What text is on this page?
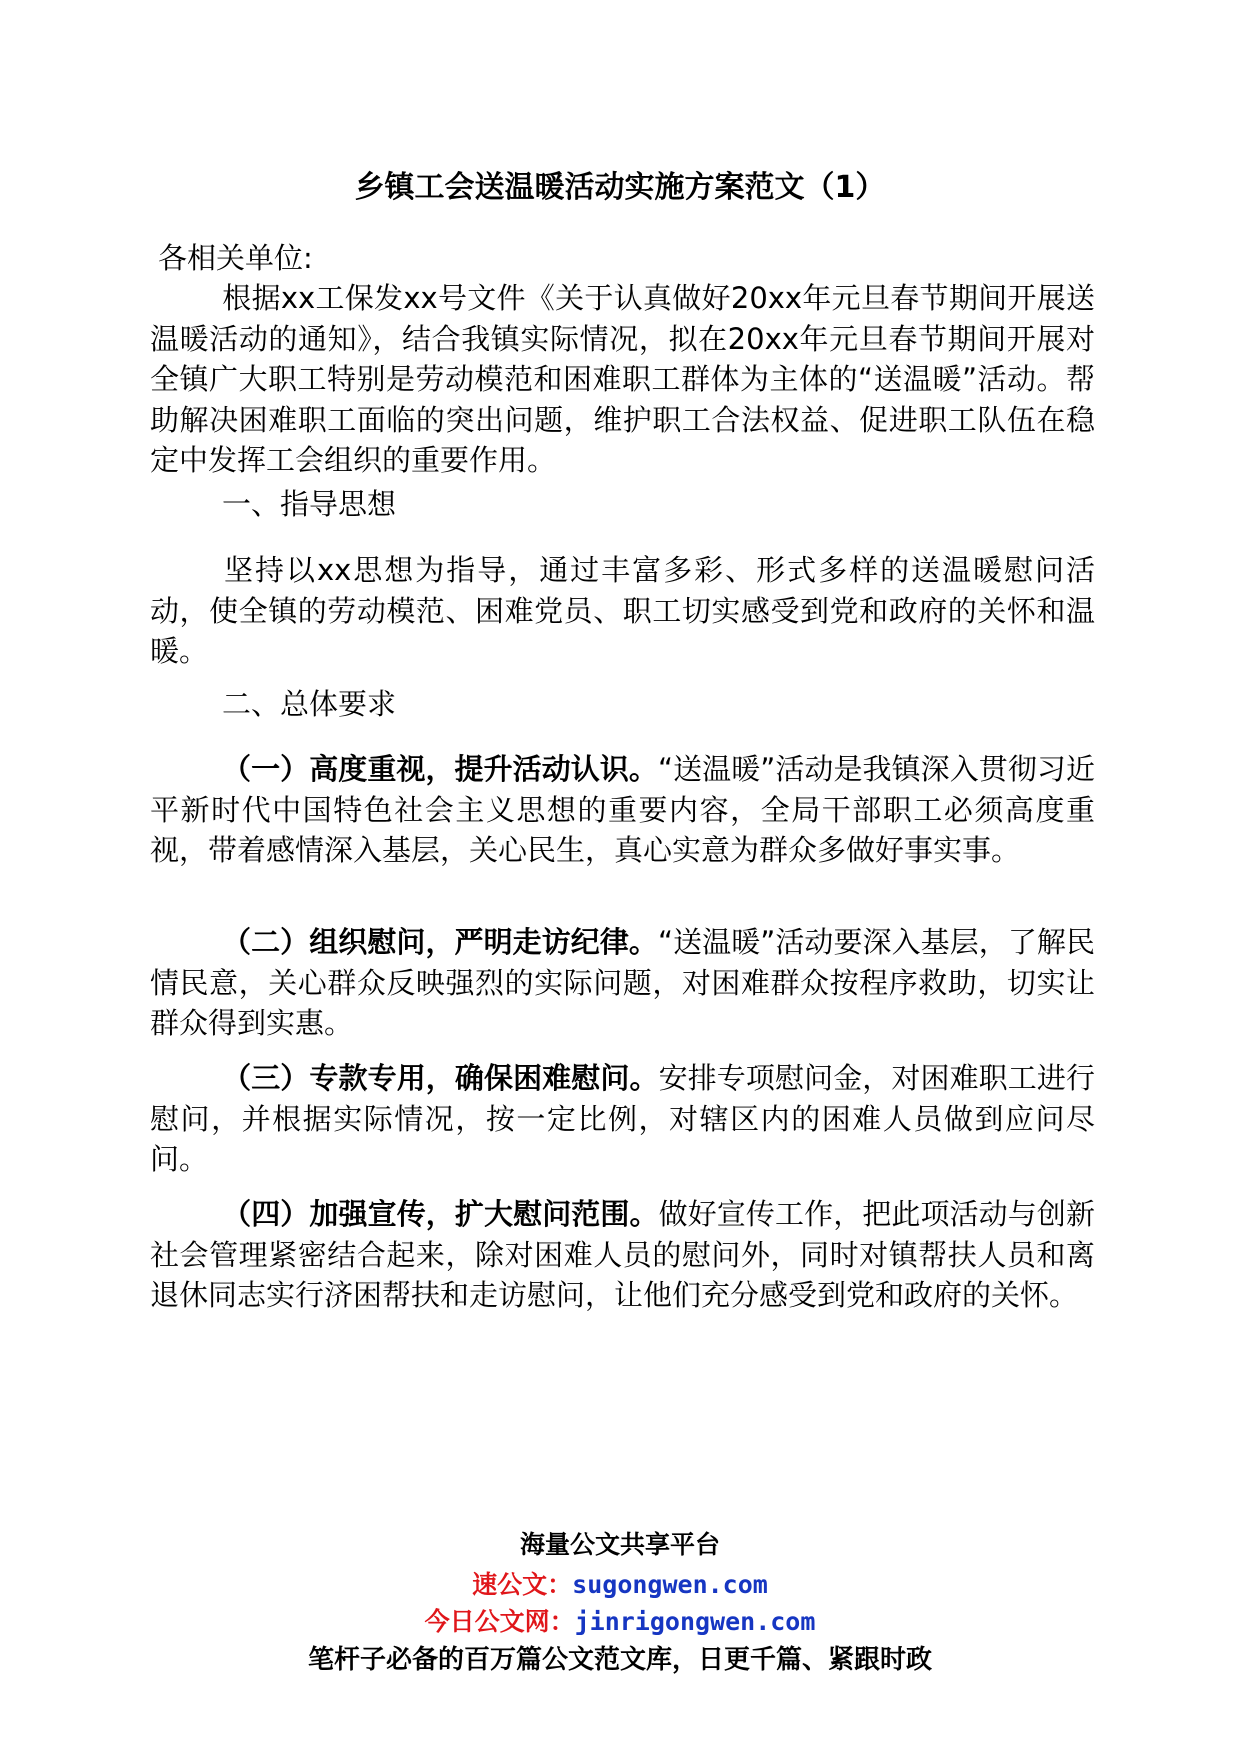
乡镇工会送温暖活动实施方案范文（1）
各相关单位:
根据xx工保发xx号文件《关于认真做好20xx年元旦春节期间开展送温暖活动的通知》，结合我镇实际情况，拟在20xx年元旦春节期间开展对全镇广大职工特别是劳动模范和困难职工群体为主体的“送温暖”活动。帮助解决困难职工面临的突出问题，维护职工合法权益、促进职工队伍在稳定中发挥工会组织的重要作用。
一、指导思想
坚持以xx思想为指导，通过丰富多彩、形式多样的送温暖慰问活动，使全镇的劳动模范、困难党员、职工切实感受到党和政府的关怀和温暖。
二、总体要求
（一）高度重视，提升活动认识。“送温暖”活动是我镇深入贯彻习近平新时代中国特色社会主义思想的重要内容，全局干部职工必须高度重视，带着感情深入基层，关心民生，真心实意为群众多做好事实事。
（二）组织慰问，严明走访纪律。“送温暖”活动要深入基层，了解民情民意，关心群众反映强烈的实际问题，对困难群众按程序救助，切实让群众得到实惠。
（三）专款专用，确保困难慰问。安排专项慰问金，对困难职工进行慰问，并根据实际情况，按一定比例，对辖区内的困难人员做到应问尽问。
（四）加强宣传，扩大慰问范围。做好宣传工作，把此项活动与创新社会管理紧密结合起来，除对困难人员的慰问外，同时对镇帮扶人员和离退休同志实行济困帮扶和走访慰问，让他们充分感受到党和政府的关怀。
海量公文共享平台
速公文：sugongwen.com
今日公文网：jinrigongwen.com
笔杆子必备的百万篇公文范文库，日更千篇、紧跟时政
